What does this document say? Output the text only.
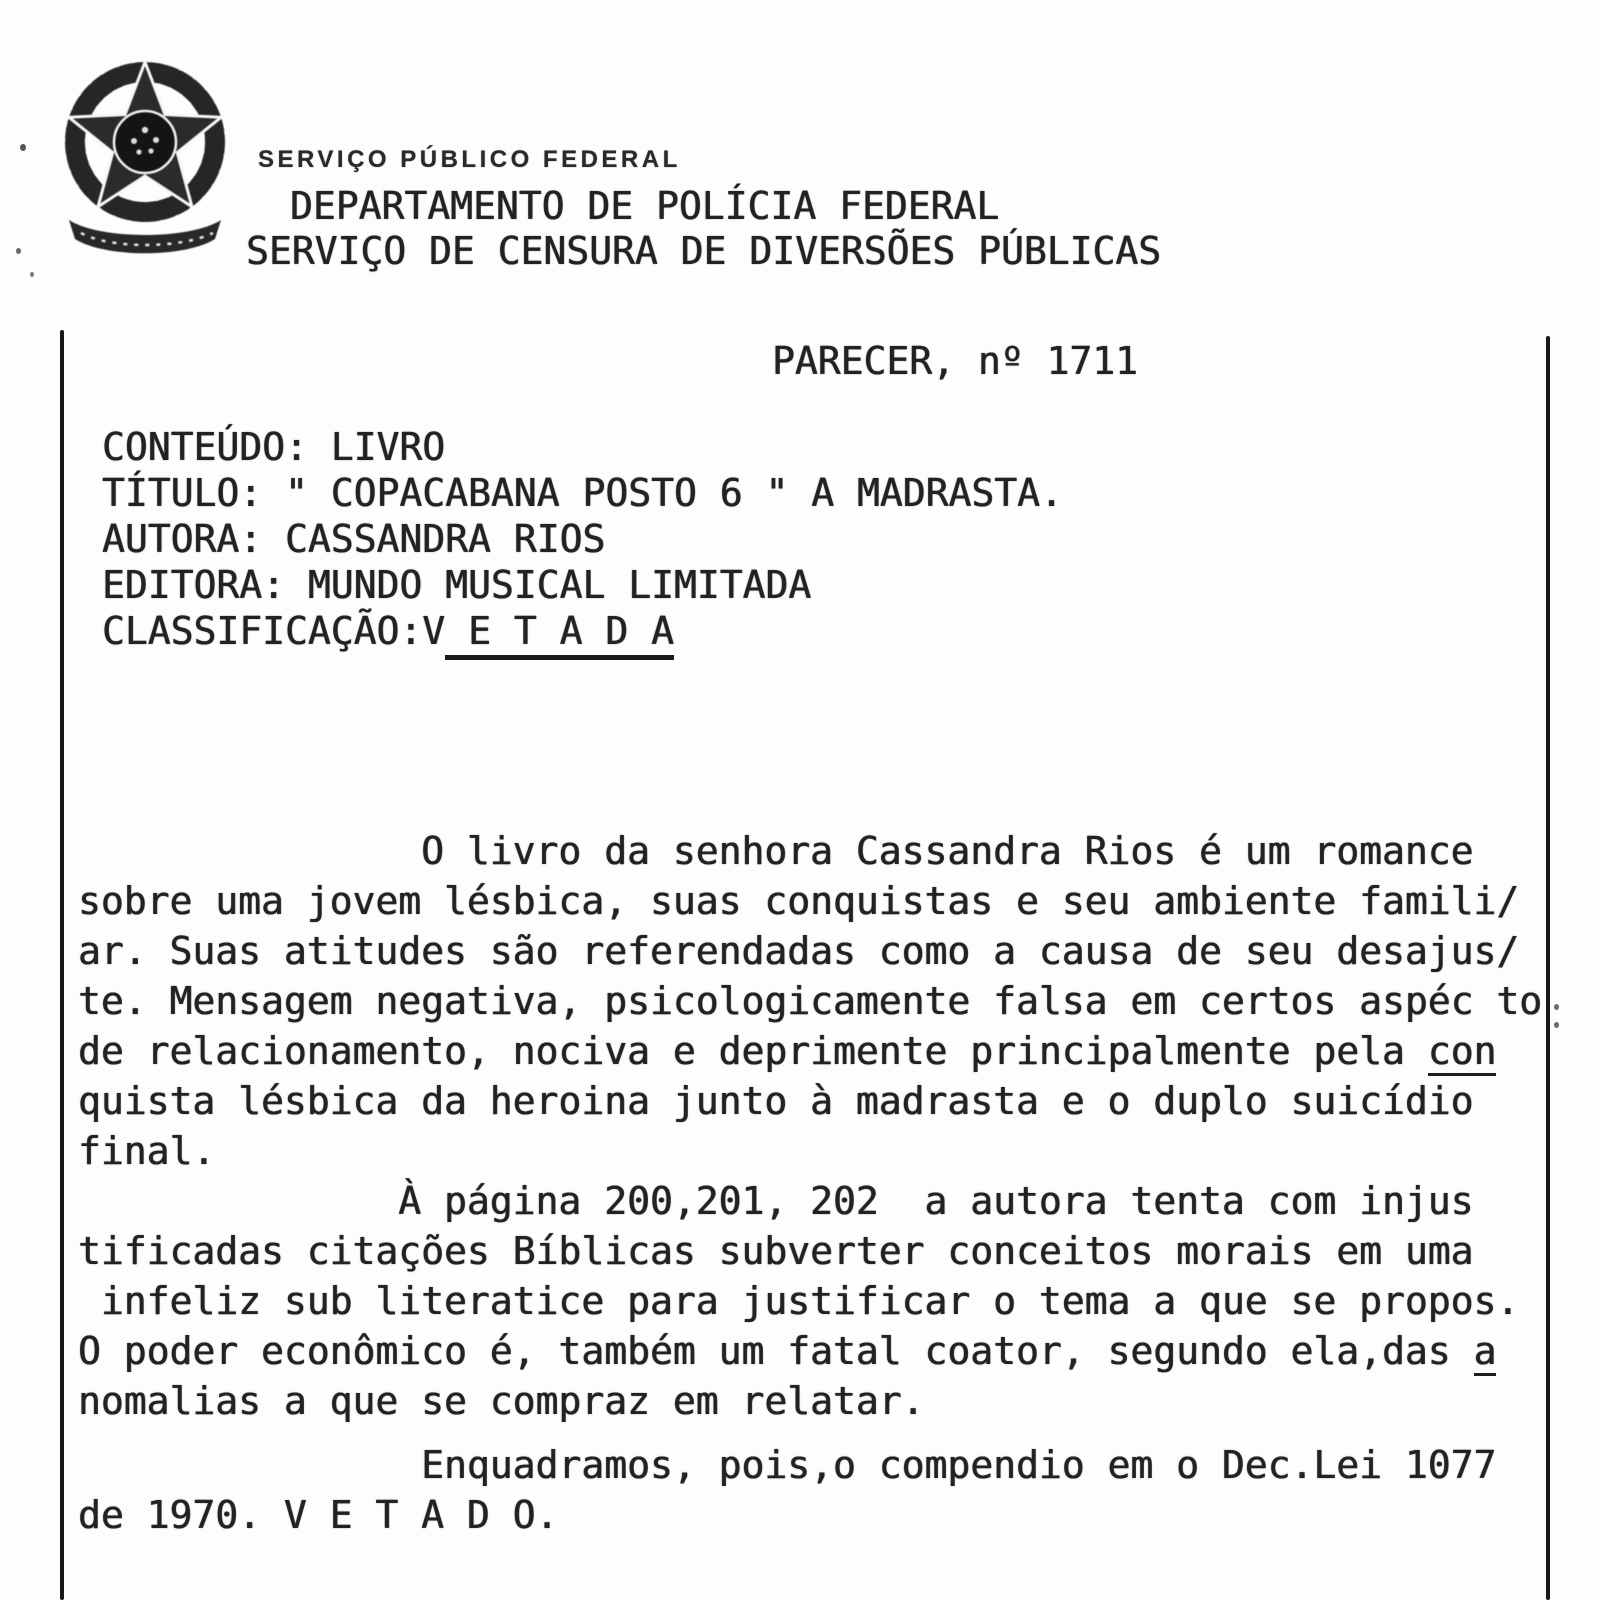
SERVIÇO PÚBLICO FEDERAL
DEPARTAMENTO DE POLÍCIA FEDERAL
SERVIÇO DE CENSURA DE DIVERSÕES PÚBLICAS
PARECER, nº 1711
CONTEÚDO: LIVRO
TÍTULO: " COPACABANA POSTO 6 " A MADRASTA.
AUTORA: CASSANDRA RIOS
EDITORA: MUNDO MUSICAL LIMITADA
CLASSIFICAÇÃO:V E T A D A
O livro da senhora Cassandra Rios é um romance
sobre uma jovem lésbica, suas conquistas e seu ambiente famili/
ar. Suas atitudes são referendadas como a causa de seu desajus/
te. Mensagem negativa, psicologicamente falsa em certos aspéc to
de relacionamento, nociva e deprimente principalmente pela con
quista lésbica da heroina junto à madrasta e o duplo suicídio
final.
À página 200,201, 202  a autora tenta com injus
tificadas citações Bíblicas subverter conceitos morais em uma
infeliz sub literatice para justificar o tema a que se propos.
O poder econômico é, também um fatal coator, segundo ela,das a
nomalias a que se compraz em relatar.
Enquadramos, pois,o compendio em o Dec.Lei 1077
de 1970. V E T A D O.
